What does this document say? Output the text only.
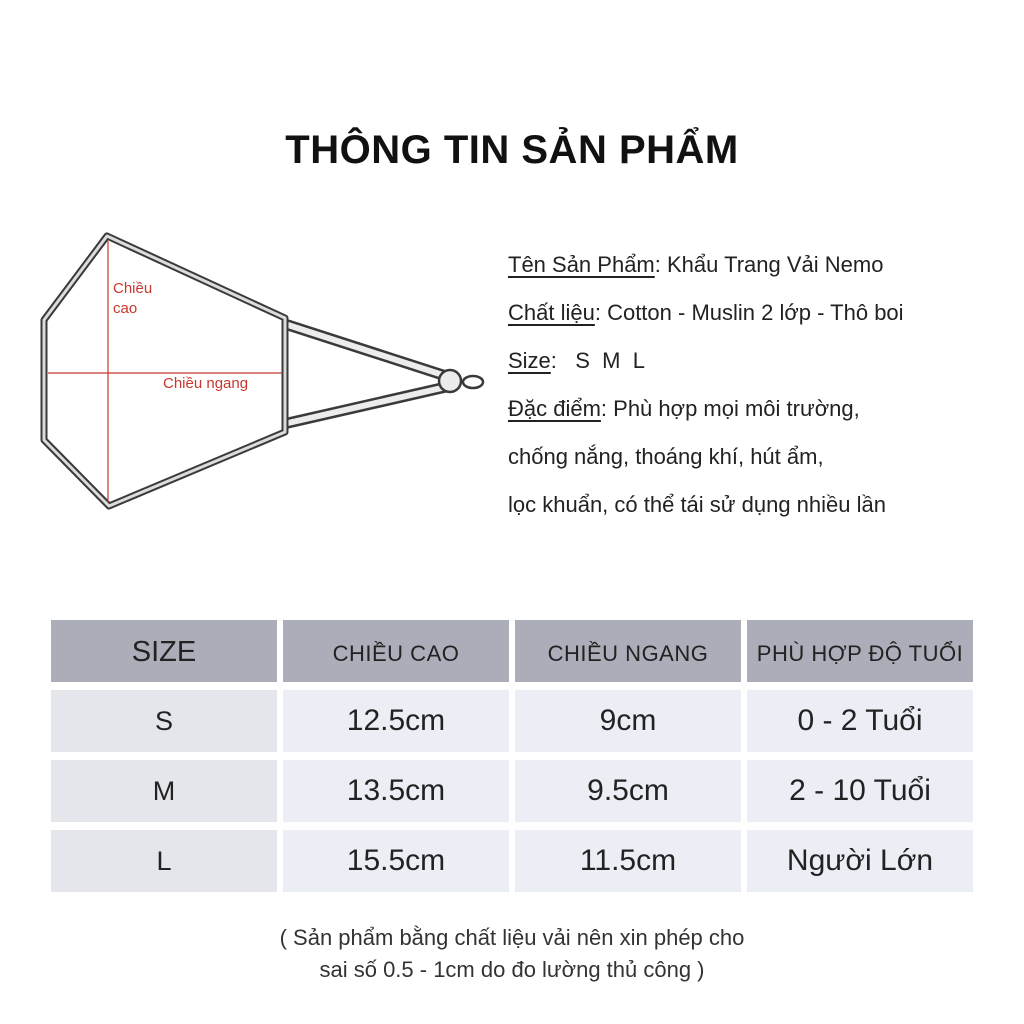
THÔNG TIN SẢN PHẨM
Chiều cao
Chiều ngang
Tên Sản Phẩm: Khẩu Trang Vải Nemo
Chất liệu: Cotton - Muslin 2 lớp - Thô boi
Size:   S  M  L
Đặc điểm: Phù hợp mọi môi trường,
chống nắng, thoáng khí, hút ẩm,
lọc khuẩn, có thể tái sử dụng nhiều lần
SIZE	CHIỀU CAO	CHIỀU NGANG	PHÙ HỢP ĐỘ TUỔI
S	12.5cm	9cm	0 - 2 Tuổi
M	13.5cm	9.5cm	2 - 10 Tuổi
L	15.5cm	11.5cm	Người Lớn
( Sản phẩm bằng chất liệu vải nên xin phép cho
sai số 0.5 - 1cm do đo lường thủ công )
